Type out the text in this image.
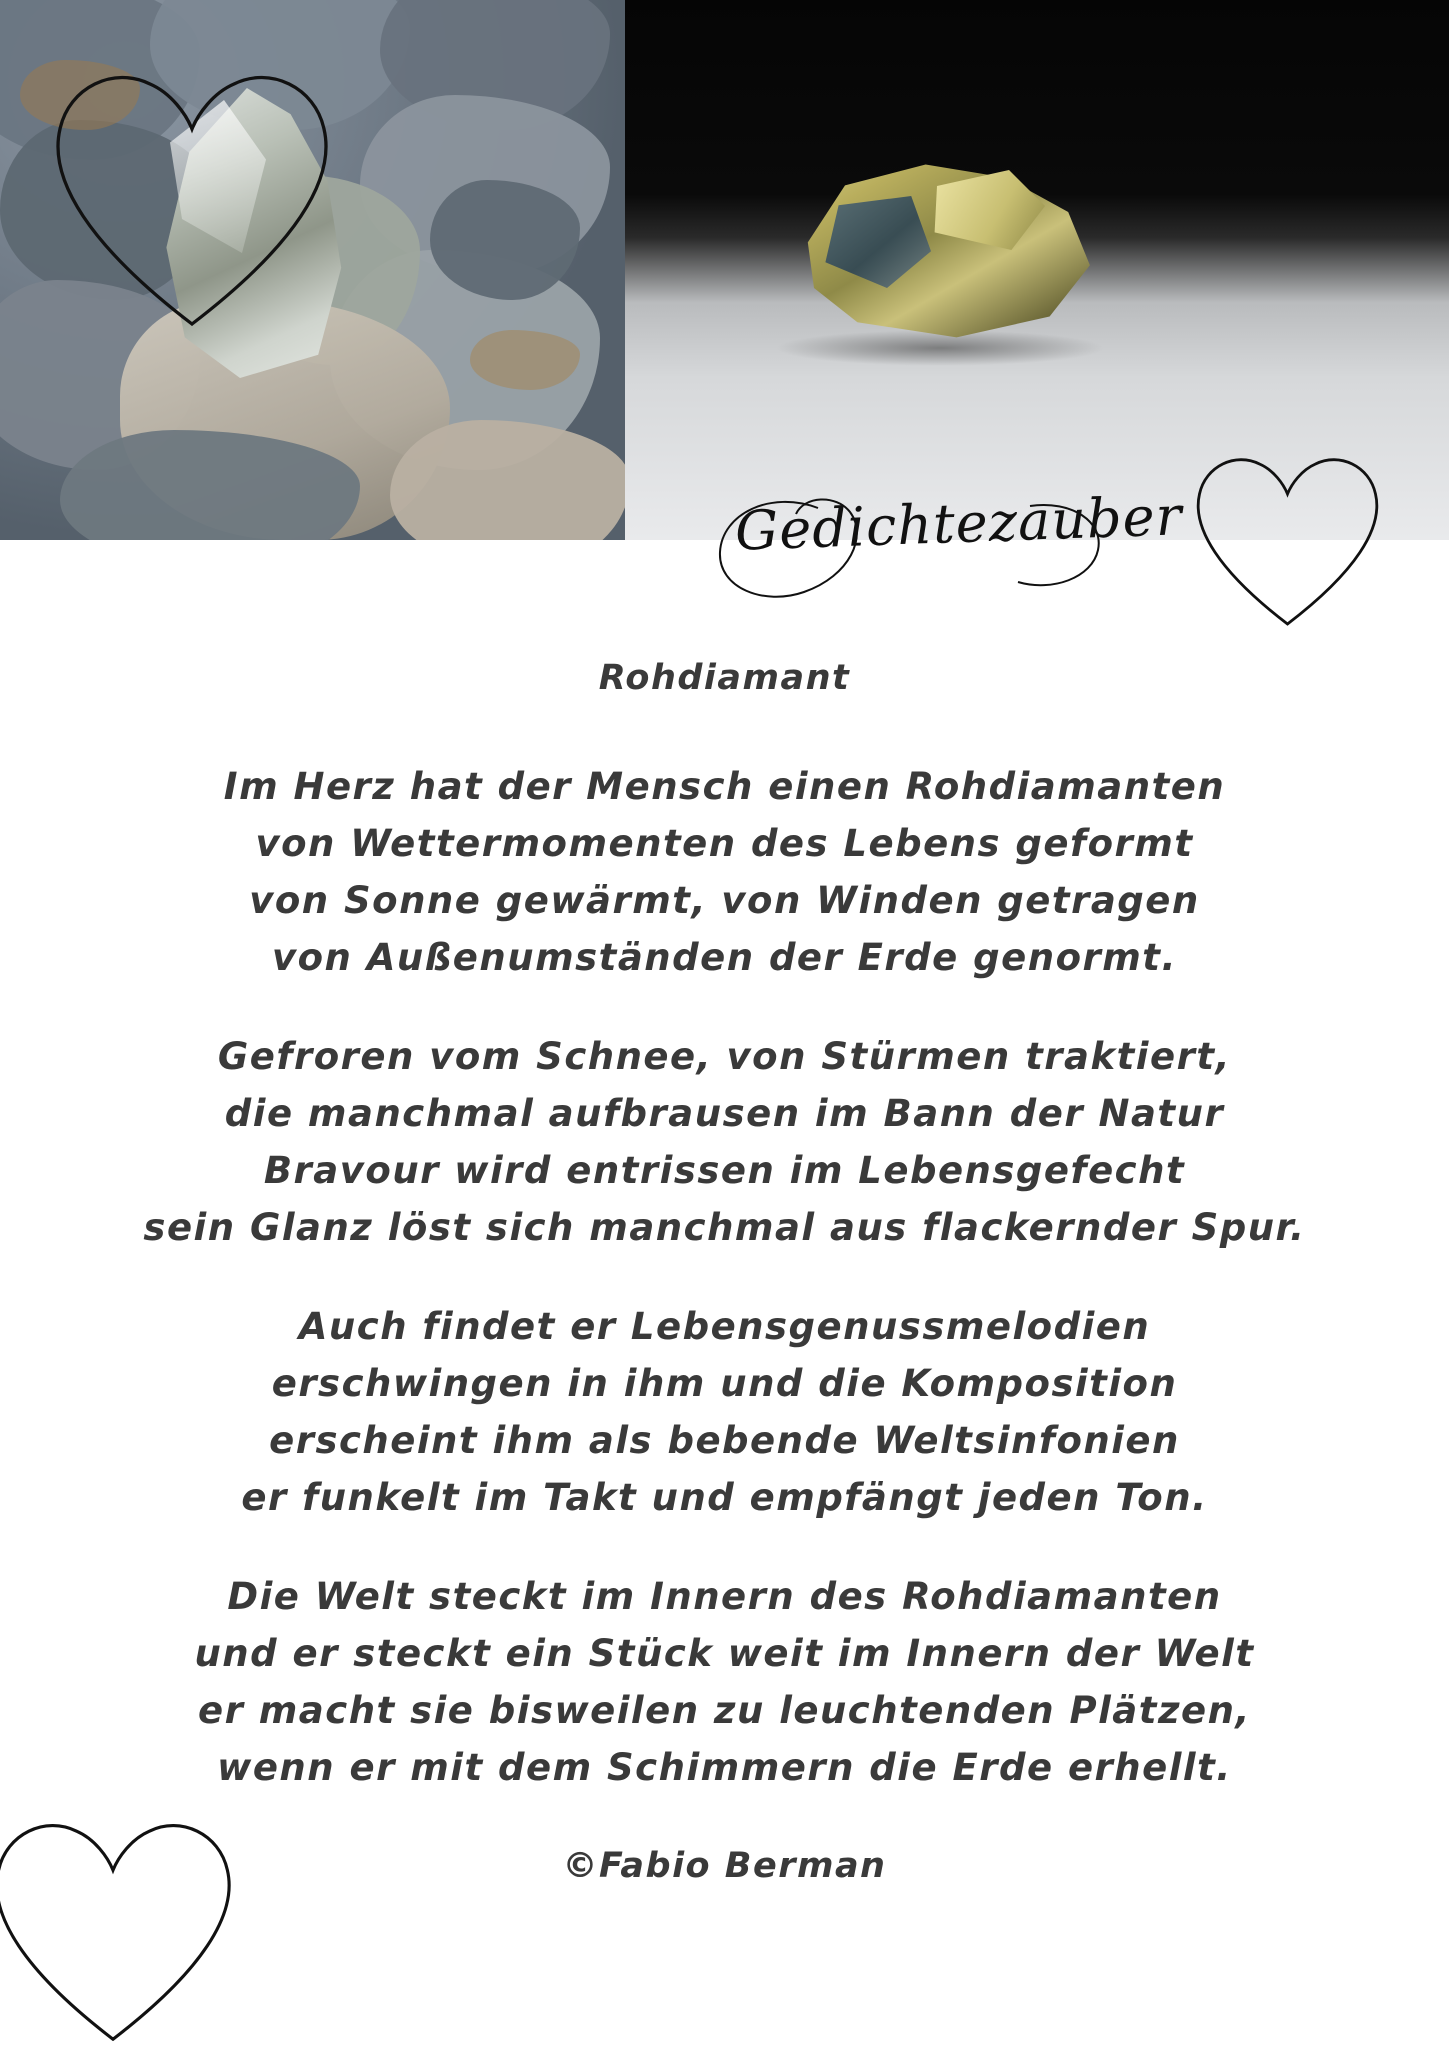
Gedichtezauber
Rohdiamant
Im Herz hat der Mensch einen Rohdiamanten
von Wettermomenten des Lebens geformt
von Sonne gewärmt, von Winden getragen
von Außenumständen der Erde genormt.
Gefroren vom Schnee, von Stürmen traktiert,
die manchmal aufbrausen im Bann der Natur
Bravour wird entrissen im Lebensgefecht
sein Glanz löst sich manchmal aus flackernder Spur.
Auch findet er Lebensgenussmelodien
erschwingen in ihm und die Komposition
erscheint ihm als bebende Weltsinfonien
er funkelt im Takt und empfängt jeden Ton.
Die Welt steckt im Innern des Rohdiamanten
und er steckt ein Stück weit im Innern der Welt
er macht sie bisweilen zu leuchtenden Plätzen,
wenn er mit dem Schimmern die Erde erhellt.
©Fabio Berman
